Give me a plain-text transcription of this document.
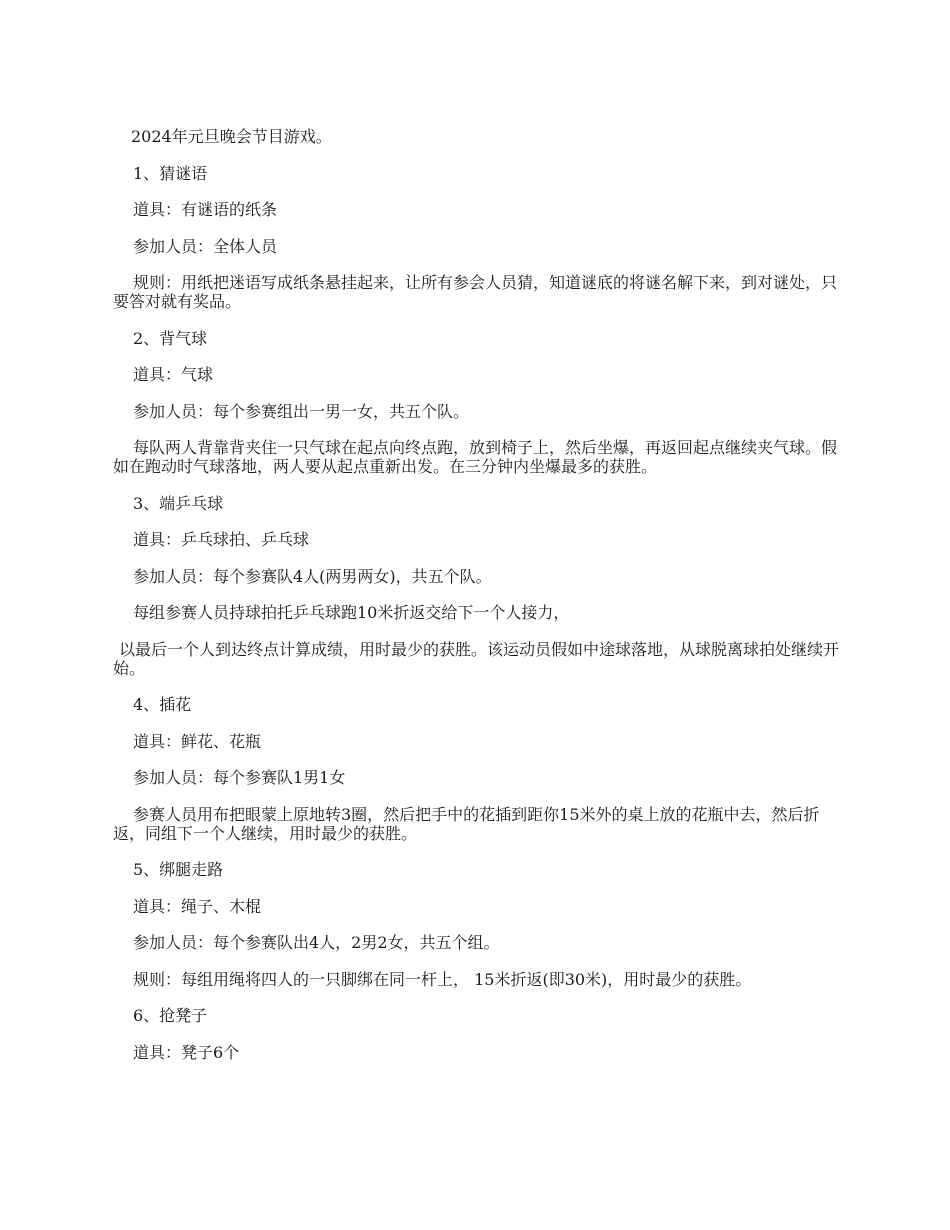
2024年元旦晚会节目游戏。

1、猜谜语

道具：有谜语的纸条

参加人员：全体人员

规则：用纸把迷语写成纸条悬挂起来，让所有参会人员猜，知道谜底的将谜名解下来，到对谜处，只要答对就有奖品。

2、背气球

道具：气球

参加人员：每个参赛组出一男一女，共五个队。

每队两人背靠背夹住一只气球在起点向终点跑，放到椅子上，然后坐爆，再返回起点继续夹气球。假如在跑动时气球落地，两人要从起点重新出发。在三分钟内坐爆最多的获胜。

3、端乒乓球

道具：乒乓球拍、乒乓球

参加人员：每个参赛队4人(两男两女)，共五个队。

每组参赛人员持球拍托乒乓球跑10米折返交给下一个人接力，

以最后一个人到达终点计算成绩，用时最少的获胜。该运动员假如中途球落地，从球脱离球拍处继续开始。

4、插花

道具：鲜花、花瓶

参加人员：每个参赛队1男1女

参赛人员用布把眼蒙上原地转3圈，然后把手中的花插到距你15米外的桌上放的花瓶中去，然后折返，同组下一个人继续，用时最少的获胜。

5、绑腿走路

道具：绳子、木棍

参加人员：每个参赛队出4人，2男2女，共五个组。

规则：每组用绳将四人的一只脚绑在同一杆上， 15米折返(即30米)，用时最少的获胜。

6、抢凳子

道具：凳子6个
